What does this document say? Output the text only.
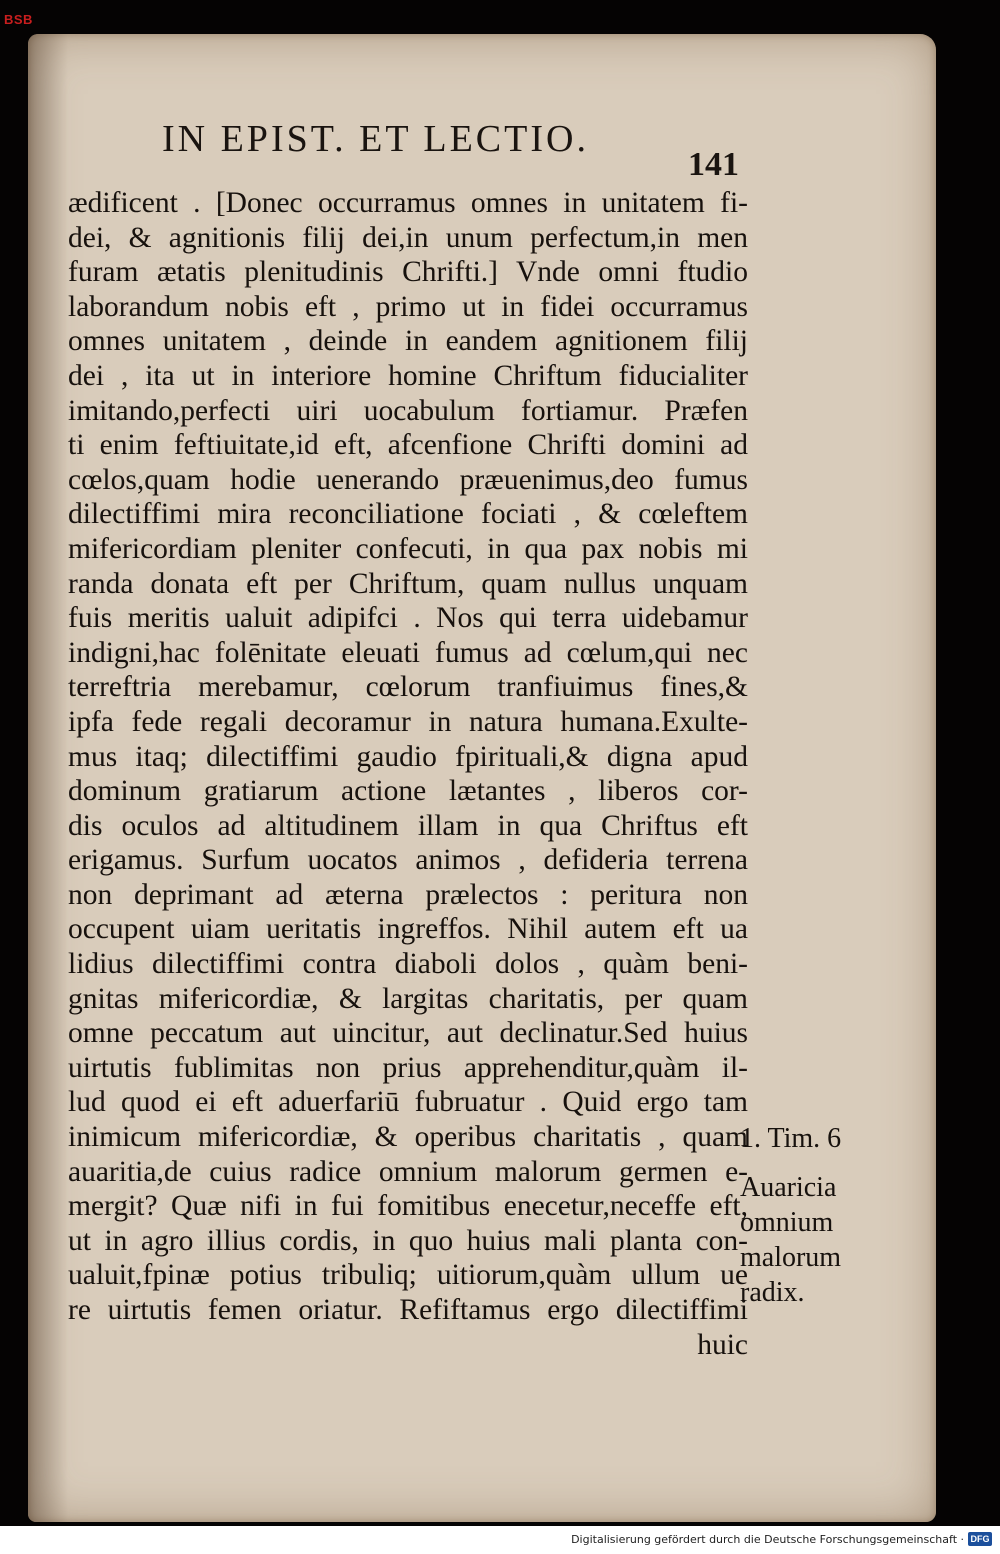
BSB
IN EPIST. ET LECTIO.
141
ædificent . [Donec occurramus omnes in unitatem fi-
dei, & agnitionis filij dei,in unum perfectum,in men
furam ætatis plenitudinis Chrifti.] Vnde omni ftudio
laborandum nobis eft , primo ut in fidei occurramus
omnes unitatem , deinde in eandem agnitionem filij
dei , ita ut in interiore homine Chriftum fiducialiter
imitando,perfecti uiri uocabulum fortiamur. Præfen
ti enim feftiuitate,id eft, afcenfione Chrifti domini ad
cœlos,quam hodie uenerando præuenimus,deo fumus
dilectiffimi mira reconciliatione fociati , & cœleftem
mifericordiam pleniter confecuti, in qua pax nobis mi
randa donata eft per Chriftum, quam nullus unquam
fuis meritis ualuit adipifci . Nos qui terra uidebamur
indigni,hac folēnitate eleuati fumus ad cœlum,qui nec
terreftria merebamur, cœlorum tranfiuimus fines,&
ipfa fede regali decoramur in natura humana.Exulte-
mus itaq; dilectiffimi gaudio fpirituali,& digna apud
dominum gratiarum actione lætantes , liberos cor-
dis oculos ad altitudinem illam in qua Chriftus eft
erigamus. Surfum uocatos animos , defideria terrena
non deprimant ad æterna prælectos : peritura non
occupent uiam ueritatis ingreffos. Nihil autem eft ua
lidius dilectiffimi contra diaboli dolos , quàm beni-
gnitas mifericordiæ, & largitas charitatis, per quam
omne peccatum aut uincitur, aut declinatur.Sed huius
uirtutis fublimitas non prius apprehenditur,quàm il-
lud quod ei eft aduerfariū fubruatur . Quid ergo tam
inimicum mifericordiæ, & operibus charitatis , quam
auaritia,de cuius radice omnium malorum germen e-
mergit? Quæ nifi in fui fomitibus enecetur,neceffe eft,
ut in agro illius cordis, in quo huius mali planta con-
ualuit,fpinæ potius tribuliq; uitiorum,quàm ullum ue
re uirtutis femen oriatur. Refiftamus ergo dilectiffimi
huic
1. Tim. 6
Auaricia
omnium
malorum
radix.
Digitalisierung gefördert durch die Deutsche Forschungsgemeinschaft · DFG
